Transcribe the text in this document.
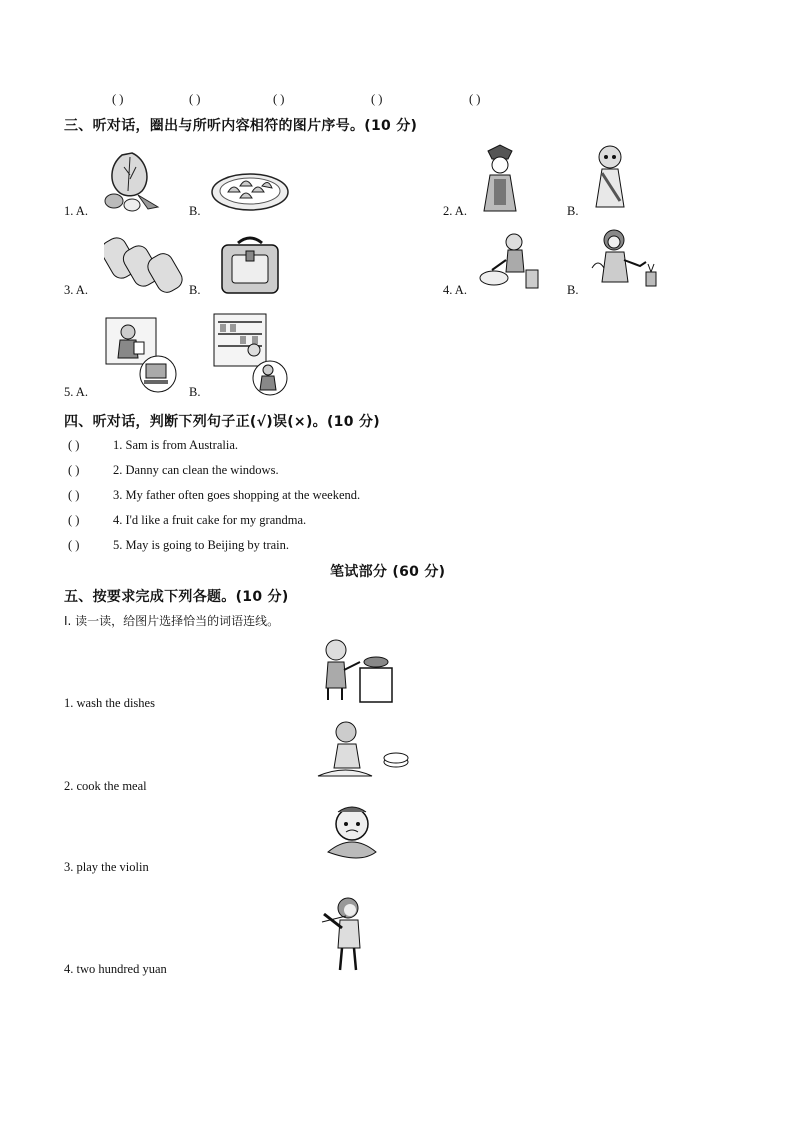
( )	( )	( )	( )	( )
三、听对话，圈出与所听内容相符的图片序号。(10 分)
1. A.	B.	2. A.	B.
3. A.	B.	4. A.	B.
5. A.	B.
四、听对话，判断下列句子正(√)误(×)。(10 分)
( )	1. Sam is from Australia.
( )	2. Danny can clean the windows.
( )	3. My father often goes shopping at the weekend.
( )	4. I'd like a fruit cake for my grandma.
( )	5. May is going to Beijing by train.
笔试部分 (60 分)
五、按要求完成下列各题。(10 分)
I. 读一读，给图片选择恰当的词语连线。
1. wash the dishes
2. cook the meal
3. play the violin
4. two hundred yuan
